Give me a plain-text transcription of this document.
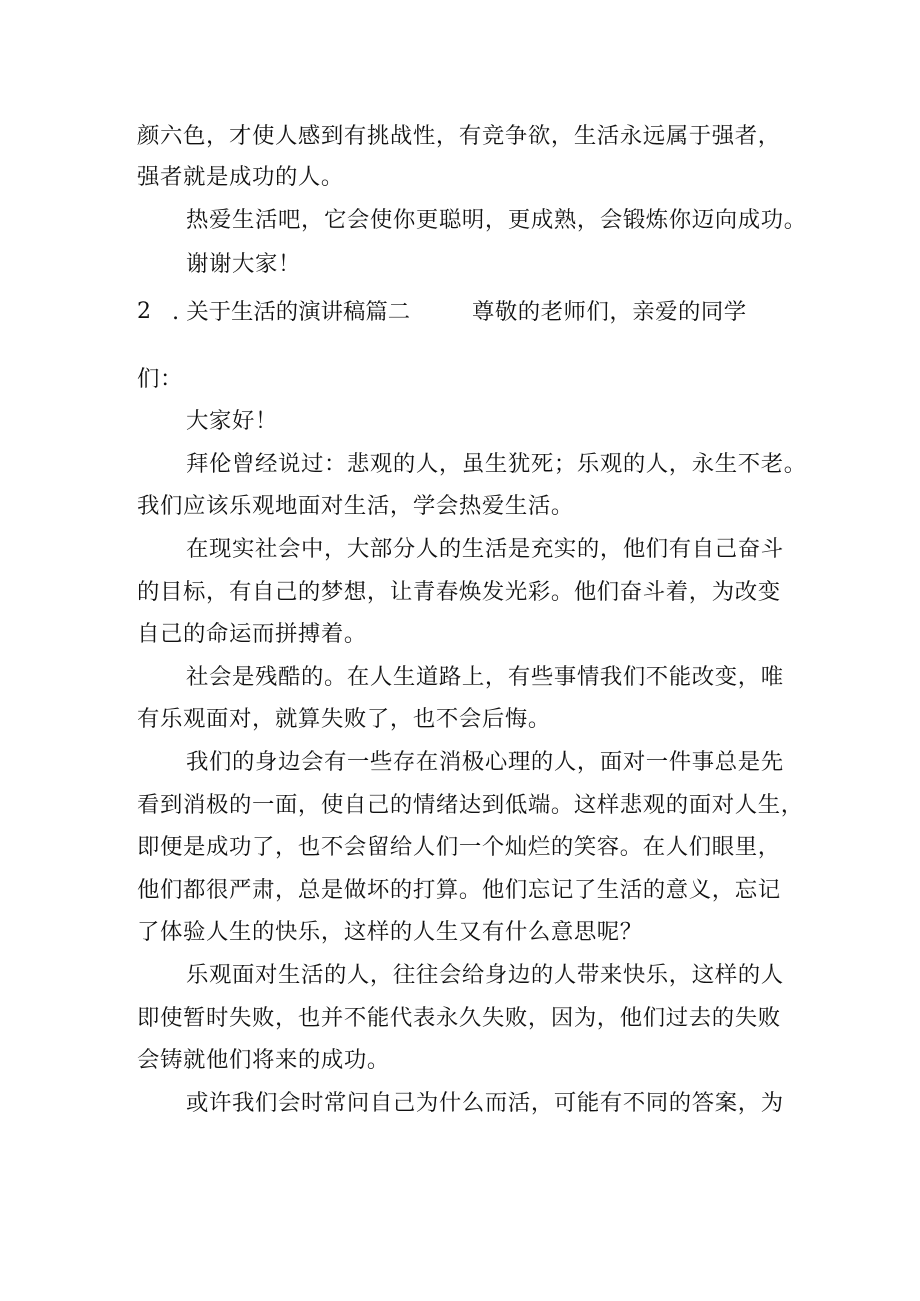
颜六色，才使人感到有挑战性，有竞争欲，生活永远属于强者，
强者就是成功的人。
热爱生活吧，它会使你更聪明，更成熟，会锻炼你迈向成功。
谢谢大家！
2 . 关于生活的演讲稿篇二	尊敬的老师们，亲爱的同学
们：
大家好！
拜伦曾经说过：悲观的人，虽生犹死；乐观的人，永生不老。
我们应该乐观地面对生活，学会热爱生活。
在现实社会中，大部分人的生活是充实的，他们有自己奋斗
的目标，有自己的梦想，让青春焕发光彩。他们奋斗着，为改变
自己的命运而拼搏着。
社会是残酷的。在人生道路上，有些事情我们不能改变，唯
有乐观面对，就算失败了，也不会后悔。
我们的身边会有一些存在消极心理的人，面对一件事总是先
看到消极的一面，使自己的情绪达到低端。这样悲观的面对人生，
即便是成功了，也不会留给人们一个灿烂的笑容。在人们眼里，
他们都很严肃，总是做坏的打算。他们忘记了生活的意义，忘记
了体验人生的快乐，这样的人生又有什么意思呢？
乐观面对生活的人，往往会给身边的人带来快乐，这样的人
即使暂时失败，也并不能代表永久失败，因为，他们过去的失败
会铸就他们将来的成功。
或许我们会时常问自己为什么而活，可能有不同的答案，为
